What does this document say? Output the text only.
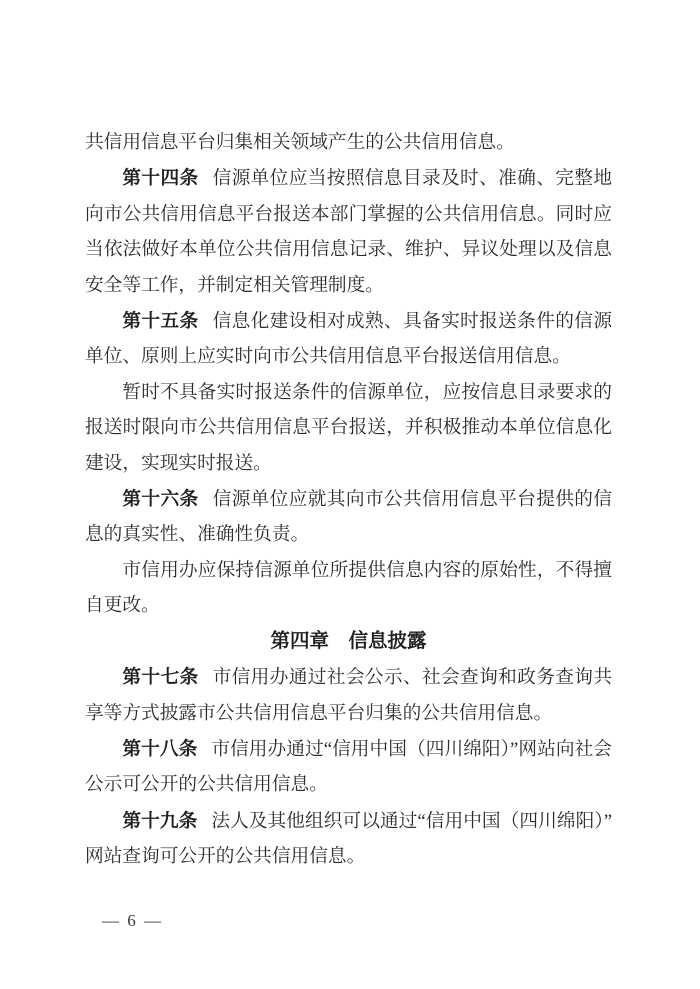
共信用信息平台归集相关领域产生的公共信用信息。

第十四条 信源单位应当按照信息目录及时、准确、完整地向市公共信用信息平台报送本部门掌握的公共信用信息。同时应当依法做好本单位公共信用信息记录、维护、异议处理以及信息安全等工作，并制定相关管理制度。

第十五条 信息化建设相对成熟、具备实时报送条件的信源单位、原则上应实时向市公共信用信息平台报送信用信息。

暂时不具备实时报送条件的信源单位，应按信息目录要求的报送时限向市公共信用信息平台报送，并积极推动本单位信息化建设，实现实时报送。

第十六条 信源单位应就其向市公共信用信息平台提供的信息的真实性、准确性负责。

市信用办应保持信源单位所提供信息内容的原始性，不得擅自更改。

第四章　信息披露

第十七条 市信用办通过社会公示、社会查询和政务查询共享等方式披露市公共信用信息平台归集的公共信用信息。

第十八条 市信用办通过“信用中国（四川绵阳）”网站向社会公示可公开的公共信用信息。

第十九条 法人及其他组织可以通过“信用中国（四川绵阳）”网站查询可公开的公共信用信息。

— 6 —
